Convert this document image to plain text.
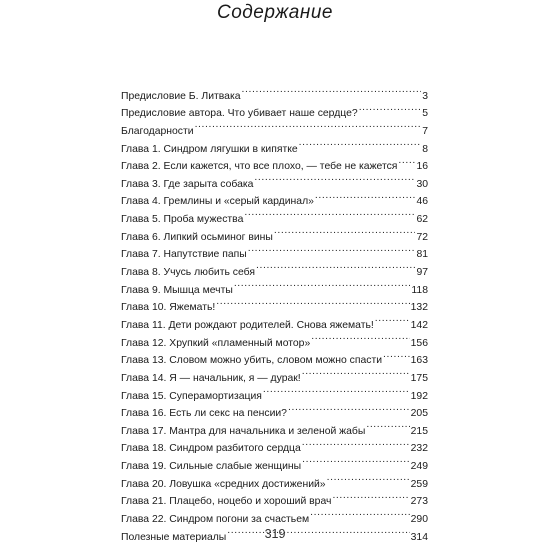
Содержание
Предисловие Б. Литвака .....	3
Предисловие автора. Что убивает наше сердце? .....	5
Благодарности .....	7
Глава 1. Синдром лягушки в кипятке .....	8
Глава 2. Если кажется, что все плохо, — тебе не кажется ..... 16
Глава 3. Где зарыта собака .....	30
Глава 4. Гремлины и «серый кардинал» .....	46
Глава 5. Проба мужества .....	62
Глава 6. Липкий осьминог вины .....	72
Глава 7. Напутствие папы .....	81
Глава 8. Учусь любить себя .....	97
Глава 9. Мышца мечты .....	118
Глава 10. Яжемать! .....	132
Глава 11. Дети рождают родителей. Снова яжемать! .....	142
Глава 12. Хрупкий «пламенный мотор» .....	156
Глава 13. Словом можно убить, словом можно спасти .....	163
Глава 14. Я — начальник, я — дурак! .....	175
Глава 15. Суперамортизация .....	192
Глава 16. Есть ли секс на пенсии? .....	205
Глава 17. Мантра для начальника и зеленой жабы .....	215
Глава 18. Синдром разбитого сердца .....	232
Глава 19. Сильные слабые женщины .....	249
Глава 20. Ловушка «средних достижений» .....	259
Глава 21. Плацебо, ноцебо и хороший врач .....	273
Глава 22. Синдром погони за счастьем .....	290
Полезные материалы .....	314
319
